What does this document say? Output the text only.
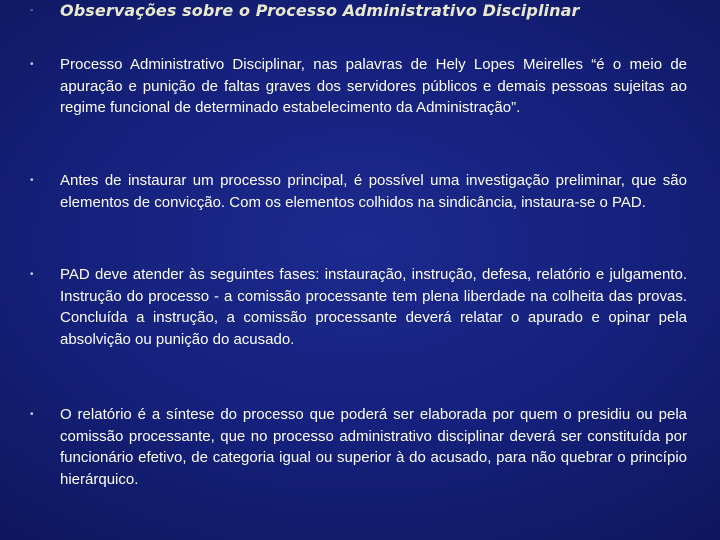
-	Observações sobre o Processo Administrativo Disciplinar
•	Processo Administrativo Disciplinar, nas palavras de Hely Lopes Meirelles “é o meio de apuração e punição de faltas graves dos servidores públicos e demais pessoas sujeitas ao regime funcional de determinado estabelecimento da Administração”.
•	Antes de instaurar um processo principal, é possível uma investigação preliminar, que são elementos de convicção. Com os elementos colhidos na sindicância, instaura-se o PAD.
•	PAD deve atender às seguintes fases: instauração, instrução, defesa, relatório e julgamento. Instrução do processo - a comissão processante tem plena liberdade na colheita das provas. Concluída a instrução, a comissão processante deverá relatar o apurado e opinar pela absolvição ou punição do acusado.
•	O relatório é a síntese do processo que poderá ser elaborada por quem o presidiu ou pela comissão processante, que no processo administrativo disciplinar deverá ser constituída por funcionário efetivo, de categoria igual ou superior à do acusado, para não quebrar o princípio hierárquico.
